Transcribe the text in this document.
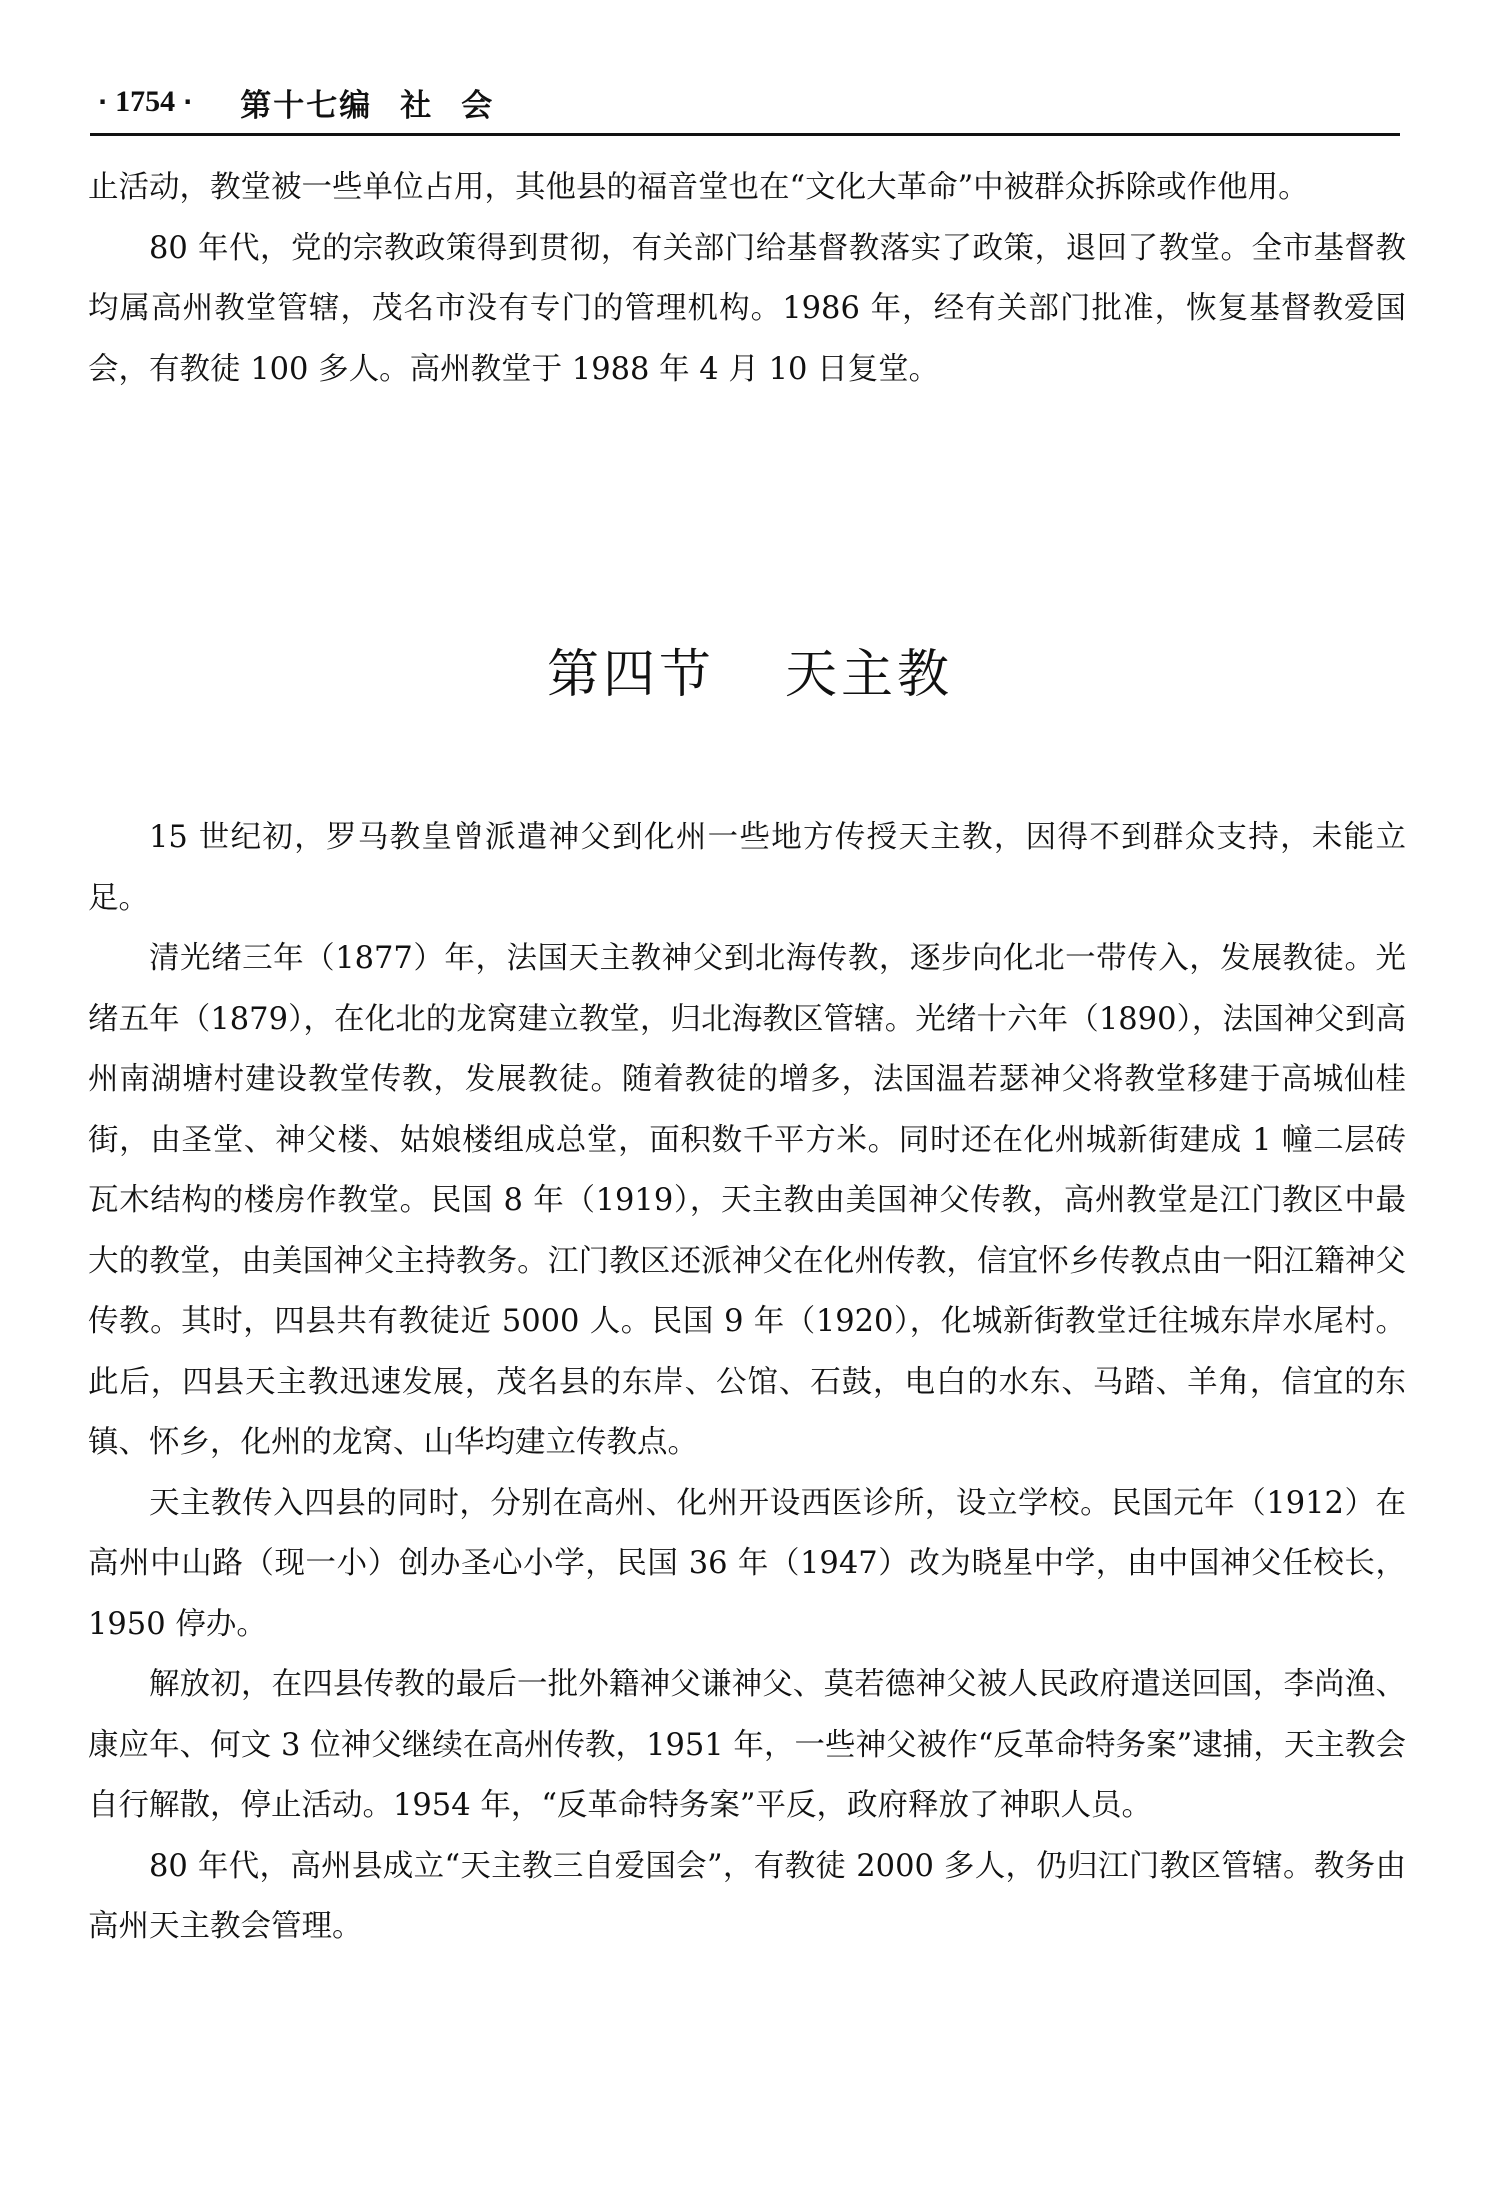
· 1754 · 第十七编 社会

止活动，教堂被一些单位占用，其他县的福音堂也在“文化大革命”中被群众拆除或作他用。

80 年代，党的宗教政策得到贯彻，有关部门给基督教落实了政策，退回了教堂。全市基督教均属高州教堂管辖，茂名市没有专门的管理机构。1986 年，经有关部门批准，恢复基督教爱国会，有教徒 100 多人。高州教堂于 1988 年 4 月 10 日复堂。

第四节 天主教

15 世纪初，罗马教皇曾派遣神父到化州一些地方传授天主教，因得不到群众支持，未能立足。

清光绪三年（1877）年，法国天主教神父到北海传教，逐步向化北一带传入，发展教徒。光绪五年（1879），在化北的龙窝建立教堂，归北海教区管辖。光绪十六年（1890），法国神父到高州南湖塘村建设教堂传教，发展教徒。随着教徒的增多，法国温若瑟神父将教堂移建于高城仙桂街，由圣堂、神父楼、姑娘楼组成总堂，面积数千平方米。同时还在化州城新街建成 1 幢二层砖瓦木结构的楼房作教堂。民国 8 年（1919），天主教由美国神父传教，高州教堂是江门教区中最大的教堂，由美国神父主持教务。江门教区还派神父在化州传教，信宜怀乡传教点由一阳江籍神父传教。其时，四县共有教徒近 5000 人。民国 9 年（1920），化城新街教堂迁往城东岸水尾村。此后，四县天主教迅速发展，茂名县的东岸、公馆、石鼓，电白的水东、马踏、羊角，信宜的东镇、怀乡，化州的龙窝、山华均建立传教点。

天主教传入四县的同时，分别在高州、化州开设西医诊所，设立学校。民国元年（1912）在高州中山路（现一小）创办圣心小学，民国 36 年（1947）改为晓星中学，由中国神父任校长，1950 停办。

解放初，在四县传教的最后一批外籍神父谦神父、莫若德神父被人民政府遣送回国，李尚渔、康应年、何文 3 位神父继续在高州传教，1951 年，一些神父被作“反革命特务案”逮捕，天主教会自行解散，停止活动。1954 年，“反革命特务案”平反，政府释放了神职人员。

80 年代，高州县成立“天主教三自爱国会”，有教徒 2000 多人，仍归江门教区管辖。教务由高州天主教会管理。
